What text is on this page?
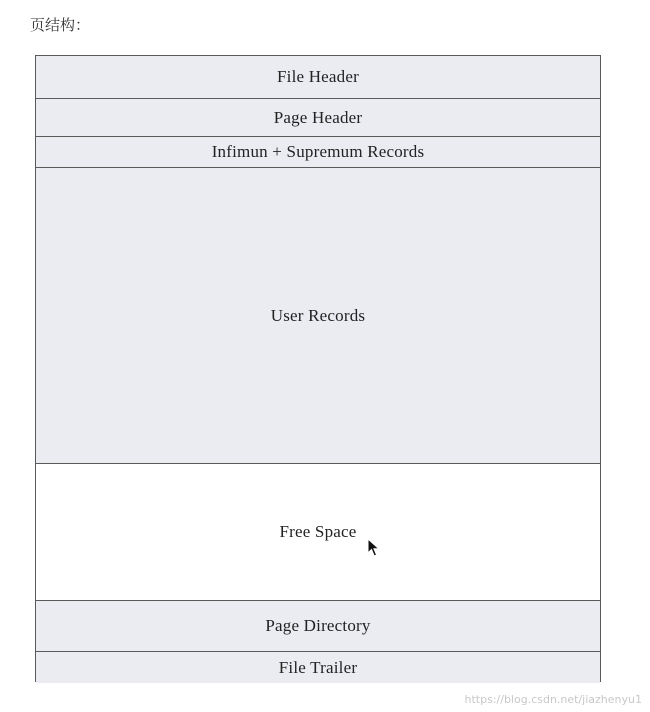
页结构：
File Header
Page Header
Infimun + Supremum Records
User Records
Free Space
Page Directory
File Trailer
https://blog.csdn.net/jiazhenyu1
